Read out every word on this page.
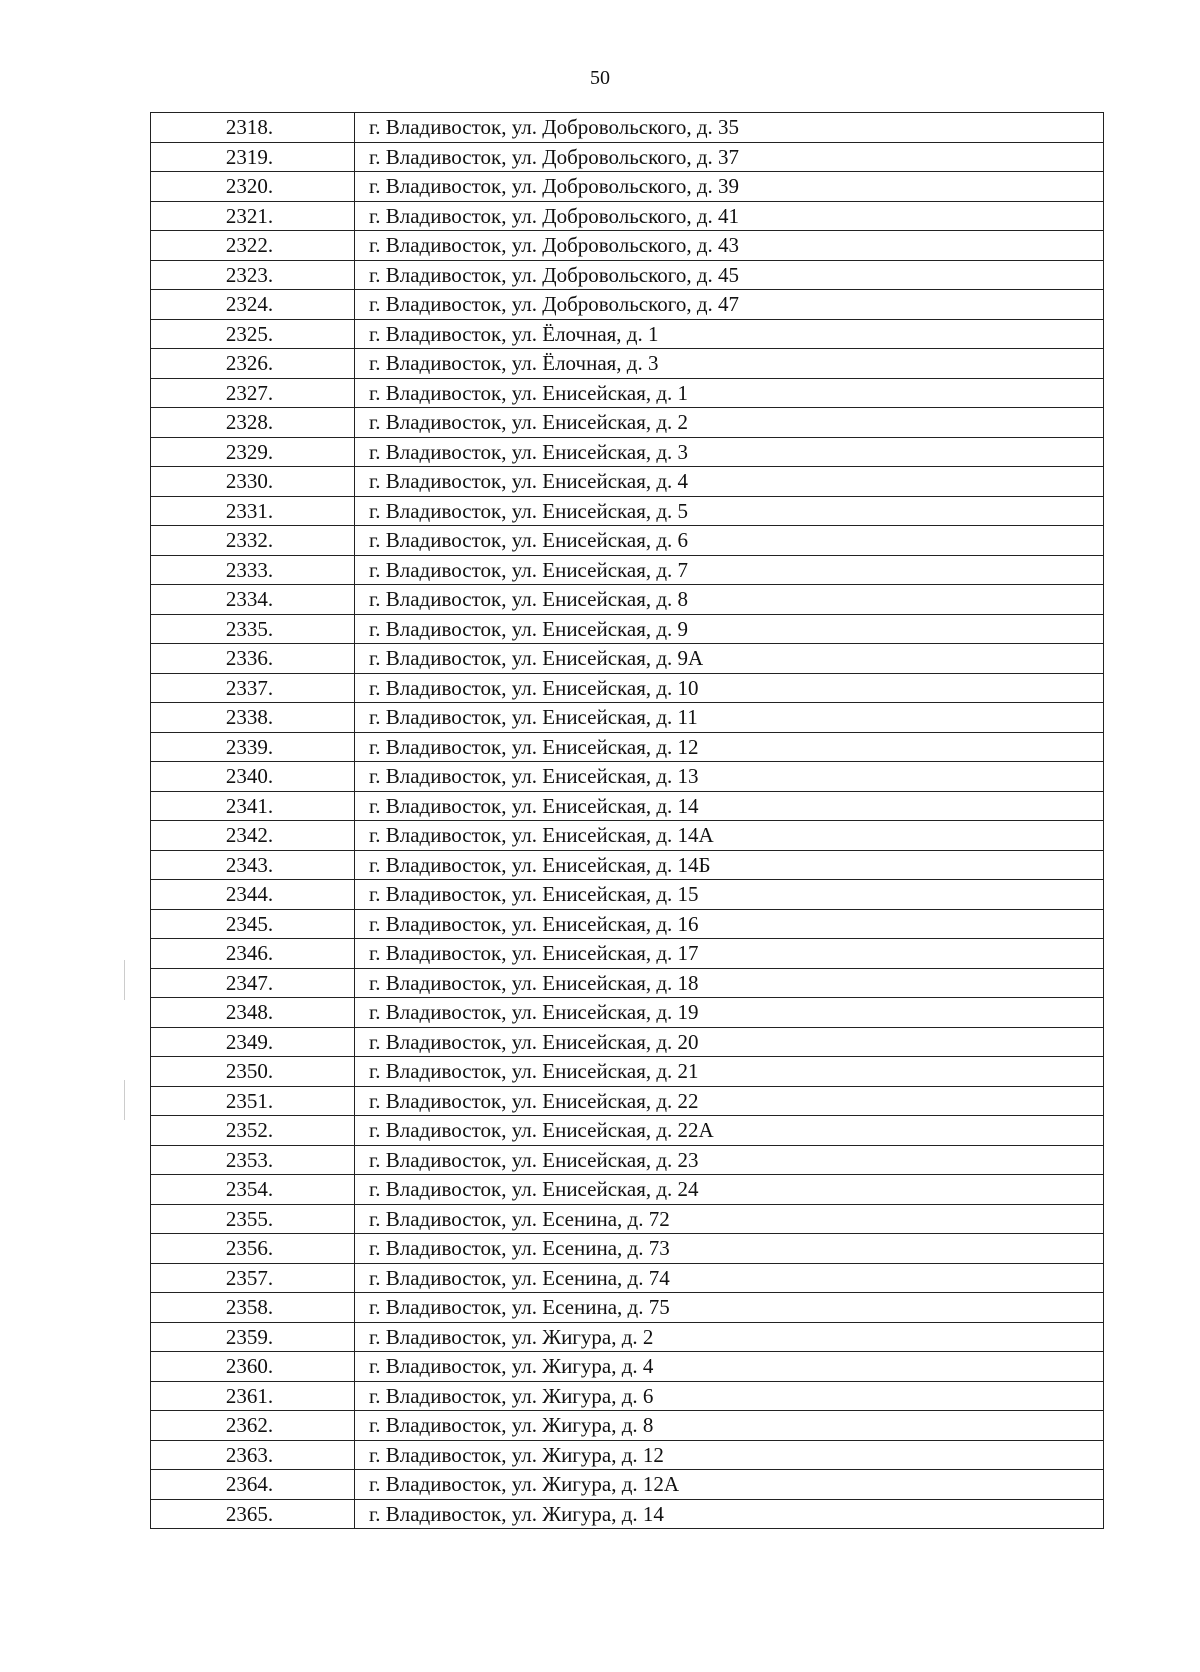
50
2318.	г. Владивосток, ул. Добровольского, д. 35
2319.	г. Владивосток, ул. Добровольского, д. 37
2320.	г. Владивосток, ул. Добровольского, д. 39
2321.	г. Владивосток, ул. Добровольского, д. 41
2322.	г. Владивосток, ул. Добровольского, д. 43
2323.	г. Владивосток, ул. Добровольского, д. 45
2324.	г. Владивосток, ул. Добровольского, д. 47
2325.	г. Владивосток, ул. Ёлочная, д. 1
2326.	г. Владивосток, ул. Ёлочная, д. 3
2327.	г. Владивосток, ул. Енисейская, д. 1
2328.	г. Владивосток, ул. Енисейская, д. 2
2329.	г. Владивосток, ул. Енисейская, д. 3
2330.	г. Владивосток, ул. Енисейская, д. 4
2331.	г. Владивосток, ул. Енисейская, д. 5
2332.	г. Владивосток, ул. Енисейская, д. 6
2333.	г. Владивосток, ул. Енисейская, д. 7
2334.	г. Владивосток, ул. Енисейская, д. 8
2335.	г. Владивосток, ул. Енисейская, д. 9
2336.	г. Владивосток, ул. Енисейская, д. 9А
2337.	г. Владивосток, ул. Енисейская, д. 10
2338.	г. Владивосток, ул. Енисейская, д. 11
2339.	г. Владивосток, ул. Енисейская, д. 12
2340.	г. Владивосток, ул. Енисейская, д. 13
2341.	г. Владивосток, ул. Енисейская, д. 14
2342.	г. Владивосток, ул. Енисейская, д. 14А
2343.	г. Владивосток, ул. Енисейская, д. 14Б
2344.	г. Владивосток, ул. Енисейская, д. 15
2345.	г. Владивосток, ул. Енисейская, д. 16
2346.	г. Владивосток, ул. Енисейская, д. 17
2347.	г. Владивосток, ул. Енисейская, д. 18
2348.	г. Владивосток, ул. Енисейская, д. 19
2349.	г. Владивосток, ул. Енисейская, д. 20
2350.	г. Владивосток, ул. Енисейская, д. 21
2351.	г. Владивосток, ул. Енисейская, д. 22
2352.	г. Владивосток, ул. Енисейская, д. 22А
2353.	г. Владивосток, ул. Енисейская, д. 23
2354.	г. Владивосток, ул. Енисейская, д. 24
2355.	г. Владивосток, ул. Есенина, д. 72
2356.	г. Владивосток, ул. Есенина, д. 73
2357.	г. Владивосток, ул. Есенина, д. 74
2358.	г. Владивосток, ул. Есенина, д. 75
2359.	г. Владивосток, ул. Жигура, д. 2
2360.	г. Владивосток, ул. Жигура, д. 4
2361.	г. Владивосток, ул. Жигура, д. 6
2362.	г. Владивосток, ул. Жигура, д. 8
2363.	г. Владивосток, ул. Жигура, д. 12
2364.	г. Владивосток, ул. Жигура, д. 12А
2365.	г. Владивосток, ул. Жигура, д. 14
